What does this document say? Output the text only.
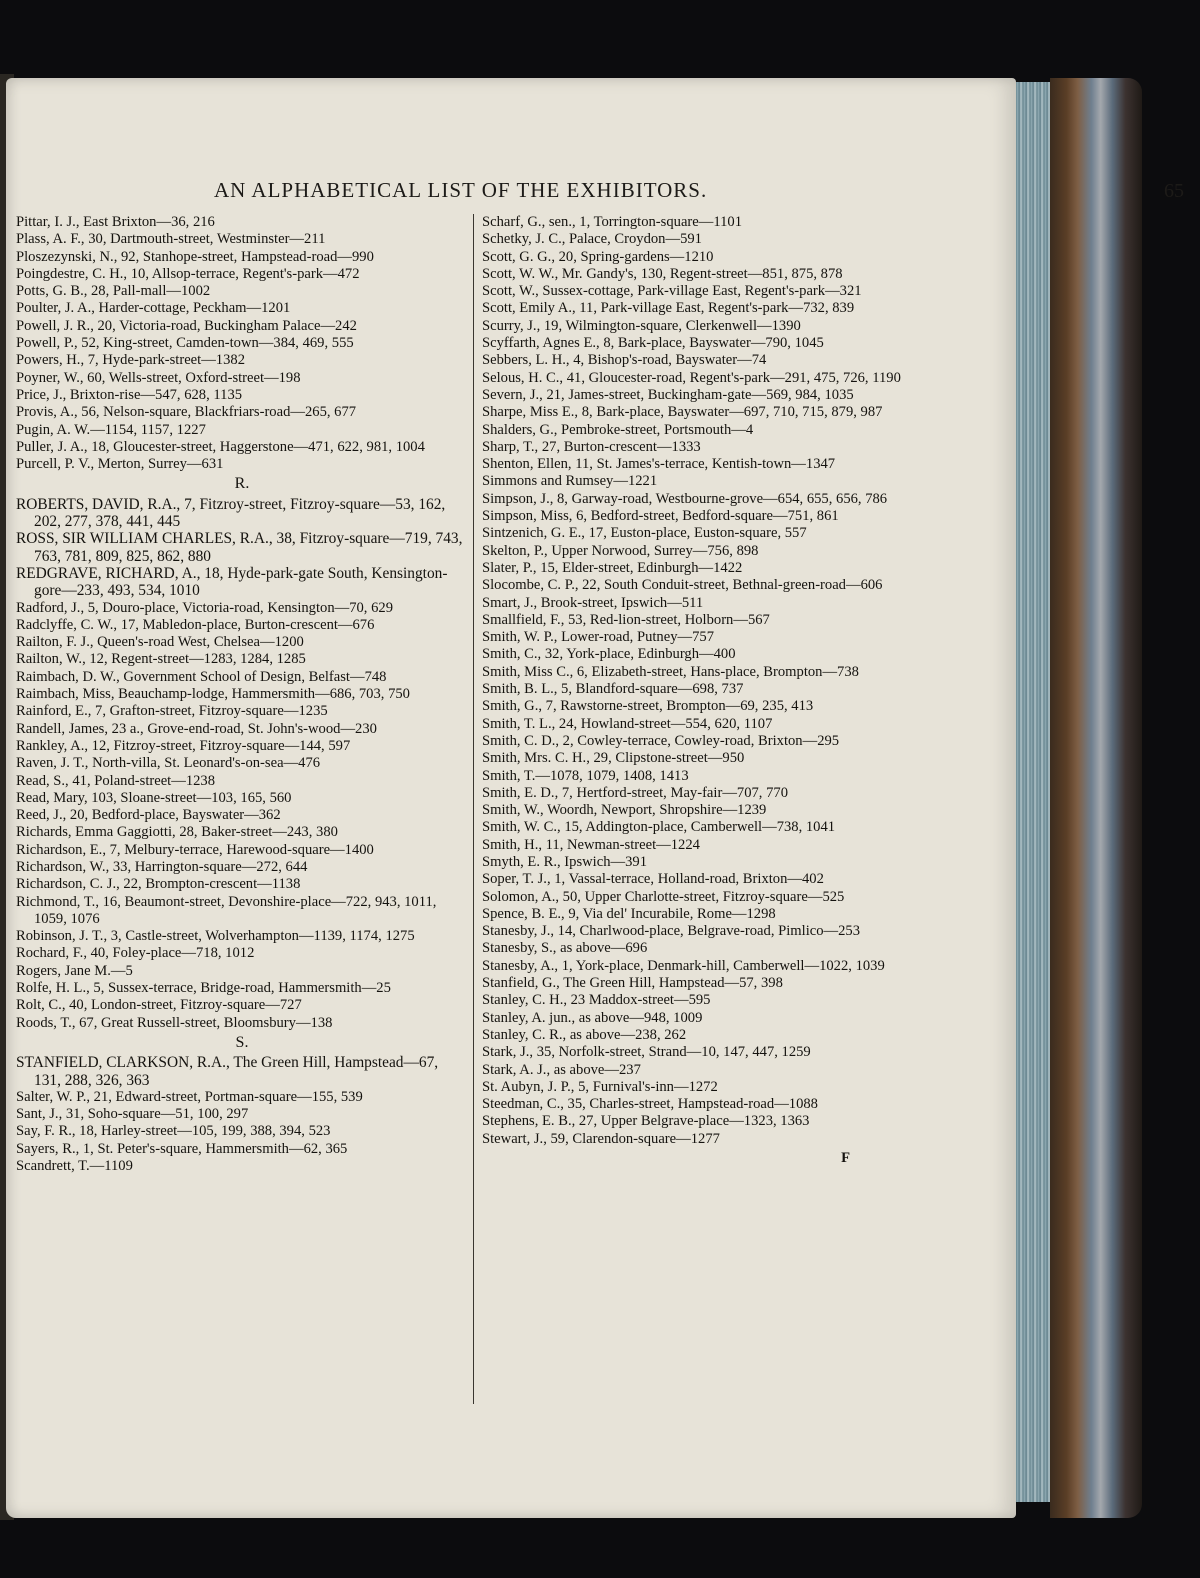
AN ALPHABETICAL LIST OF THE EXHIBITORS.	65
Pittar, I. J., East Brixton—36, 216
Plass, A. F., 30, Dartmouth-street, Westminster—211
Ploszezynski, N., 92, Stanhope-street, Hampstead-road—990
Poingdestre, C. H., 10, Allsop-terrace, Regent's-park—472
Potts, G. B., 28, Pall-mall—1002
Poulter, J. A., Harder-cottage, Peckham—1201
Powell, J. R., 20, Victoria-road, Buckingham Palace—242
Powell, P., 52, King-street, Camden-town—384, 469, 555
Powers, H., 7, Hyde-park-street—1382
Poyner, W., 60, Wells-street, Oxford-street—198
Price, J., Brixton-rise—547, 628, 1135
Provis, A., 56, Nelson-square, Blackfriars-road—265, 677
Pugin, A. W.—1154, 1157, 1227
Puller, J. A., 18, Gloucester-street, Haggerstone—471, 622, 981, 1004
Purcell, P. V., Merton, Surrey—631
R.
ROBERTS, DAVID, R.A., 7, Fitzroy-street, Fitzroy-square—53, 162, 202, 277, 378, 441, 445
ROSS, SIR WILLIAM CHARLES, R.A., 38, Fitzroy-square—719, 743, 763, 781, 809, 825, 862, 880
REDGRAVE, RICHARD, A., 18, Hyde-park-gate South, Kensington-gore—233, 493, 534, 1010
Radford, J., 5, Douro-place, Victoria-road, Kensington—70, 629
Radclyffe, C. W., 17, Mabledon-place, Burton-crescent—676
Railton, F. J., Queen's-road West, Chelsea—1200
Railton, W., 12, Regent-street—1283, 1284, 1285
Raimbach, D. W., Government School of Design, Belfast—748
Raimbach, Miss, Beauchamp-lodge, Hammersmith—686, 703, 750
Rainford, E., 7, Grafton-street, Fitzroy-square—1235
Randell, James, 23 a., Grove-end-road, St. John's-wood—230
Rankley, A., 12, Fitzroy-street, Fitzroy-square—144, 597
Raven, J. T., North-villa, St. Leonard's-on-sea—476
Read, S., 41, Poland-street—1238
Read, Mary, 103, Sloane-street—103, 165, 560
Reed, J., 20, Bedford-place, Bayswater—362
Richards, Emma Gaggiotti, 28, Baker-street—243, 380
Richardson, E., 7, Melbury-terrace, Harewood-square—1400
Richardson, W., 33, Harrington-square—272, 644
Richardson, C. J., 22, Brompton-crescent—1138
Richmond, T., 16, Beaumont-street, Devonshire-place—722, 943, 1011, 1059, 1076
Robinson, J. T., 3, Castle-street, Wolverhampton—1139, 1174, 1275
Rochard, F., 40, Foley-place—718, 1012
Rogers, Jane M.—5
Rolfe, H. L., 5, Sussex-terrace, Bridge-road, Hammersmith—25
Rolt, C., 40, London-street, Fitzroy-square—727
Roods, T., 67, Great Russell-street, Bloomsbury—138
S.
STANFIELD, CLARKSON, R.A., The Green Hill, Hampstead—67, 131, 288, 326, 363
Salter, W. P., 21, Edward-street, Portman-square—155, 539
Sant, J., 31, Soho-square—51, 100, 297
Say, F. R., 18, Harley-street—105, 199, 388, 394, 523
Sayers, R., 1, St. Peter's-square, Hammersmith—62, 365
Scandrett, T.—1109
Scharf, G., sen., 1, Torrington-square—1101
Schetky, J. C., Palace, Croydon—591
Scott, G. G., 20, Spring-gardens—1210
Scott, W. W., Mr. Gandy's, 130, Regent-street—851, 875, 878
Scott, W., Sussex-cottage, Park-village East, Regent's-park—321
Scott, Emily A., 11, Park-village East, Regent's-park—732, 839
Scurry, J., 19, Wilmington-square, Clerkenwell—1390
Scyffarth, Agnes E., 8, Bark-place, Bayswater—790, 1045
Sebbers, L. H., 4, Bishop's-road, Bayswater—74
Selous, H. C., 41, Gloucester-road, Regent's-park—291, 475, 726, 1190
Severn, J., 21, James-street, Buckingham-gate—569, 984, 1035
Sharpe, Miss E., 8, Bark-place, Bayswater—697, 710, 715, 879, 987
Shalders, G., Pembroke-street, Portsmouth—4
Sharp, T., 27, Burton-crescent—1333
Shenton, Ellen, 11, St. James's-terrace, Kentish-town—1347
Simmons and Rumsey—1221
Simpson, J., 8, Garway-road, Westbourne-grove—654, 655, 656, 786
Simpson, Miss, 6, Bedford-street, Bedford-square—751, 861
Sintzenich, G. E., 17, Euston-place, Euston-square, 557
Skelton, P., Upper Norwood, Surrey—756, 898
Slater, P., 15, Elder-street, Edinburgh—1422
Slocombe, C. P., 22, South Conduit-street, Bethnal-green-road—606
Smart, J., Brook-street, Ipswich—511
Smallfield, F., 53, Red-lion-street, Holborn—567
Smith, W. P., Lower-road, Putney—757
Smith, C., 32, York-place, Edinburgh—400
Smith, Miss C., 6, Elizabeth-street, Hans-place, Brompton—738
Smith, B. L., 5, Blandford-square—698, 737
Smith, G., 7, Rawstorne-street, Brompton—69, 235, 413
Smith, T. L., 24, Howland-street—554, 620, 1107
Smith, C. D., 2, Cowley-terrace, Cowley-road, Brixton—295
Smith, Mrs. C. H., 29, Clipstone-street—950
Smith, T.—1078, 1079, 1408, 1413
Smith, E. D., 7, Hertford-street, May-fair—707, 770
Smith, W., Woordh, Newport, Shropshire—1239
Smith, W. C., 15, Addington-place, Camberwell—738, 1041
Smith, H., 11, Newman-street—1224
Smyth, E. R., Ipswich—391
Soper, T. J., 1, Vassal-terrace, Holland-road, Brixton—402
Solomon, A., 50, Upper Charlotte-street, Fitzroy-square—525
Spence, B. E., 9, Via del' Incurabile, Rome—1298
Stanesby, J., 14, Charlwood-place, Belgrave-road, Pimlico—253
Stanesby, S., as above—696
Stanesby, A., 1, York-place, Denmark-hill, Camberwell—1022, 1039
Stanfield, G., The Green Hill, Hampstead—57, 398
Stanley, C. H., 23 Maddox-street—595
Stanley, A. jun., as above—948, 1009
Stanley, C. R., as above—238, 262
Stark, J., 35, Norfolk-street, Strand—10, 147, 447, 1259
Stark, A. J., as above—237
St. Aubyn, J. P., 5, Furnival's-inn—1272
Steedman, C., 35, Charles-street, Hampstead-road—1088
Stephens, E. B., 27, Upper Belgrave-place—1323, 1363
Stewart, J., 59, Clarendon-square—1277
F
